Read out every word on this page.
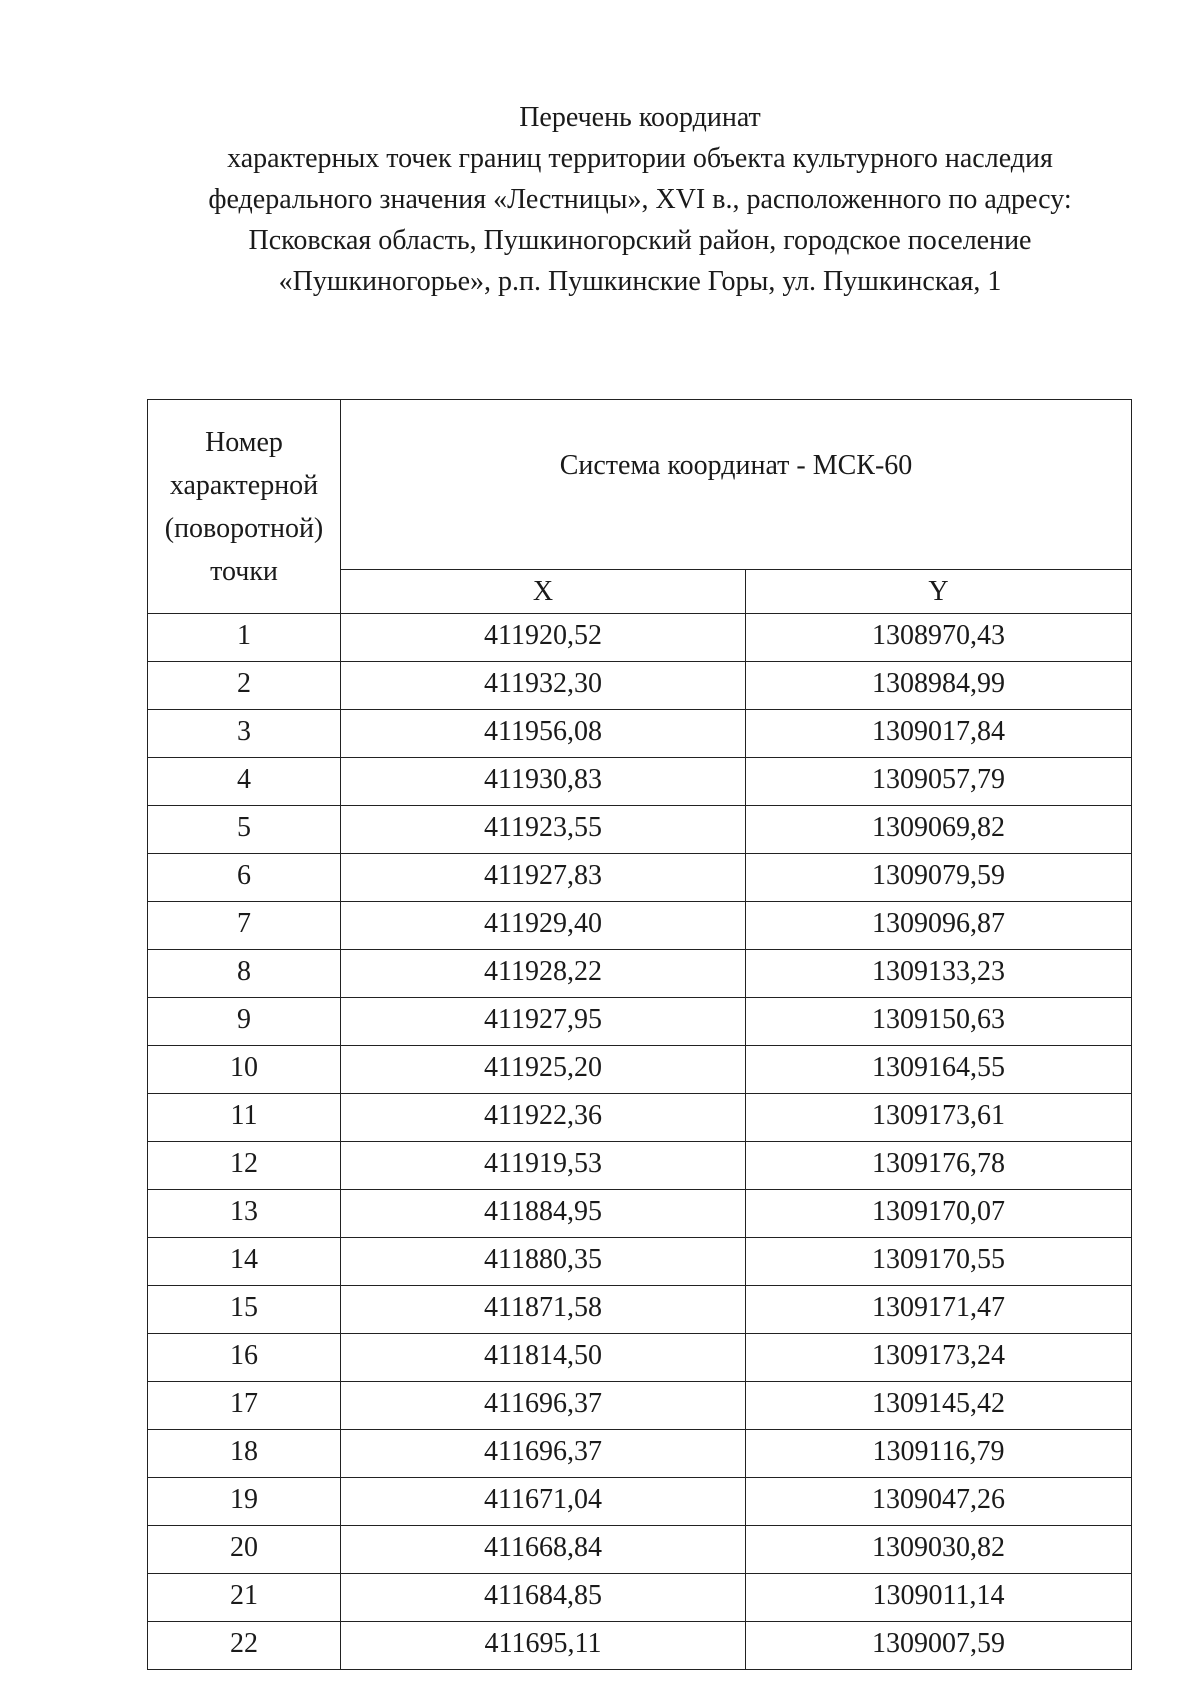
Перечень координат
характерных точек границ территории объекта культурного наследия
федерального значения «Лестницы», XVI в., расположенного по адресу:
Псковская область, Пушкиногорский район, городское поселение
«Пушкиногорье», р.п. Пушкинские Горы, ул. Пушкинская, 1
Номер
характерной
(поворотной)
точки	Система координат - МСК-60	
	X	Y
1	411920,52	1308970,43
2	411932,30	1308984,99
3	411956,08	1309017,84
4	411930,83	1309057,79
5	411923,55	1309069,82
6	411927,83	1309079,59
7	411929,40	1309096,87
8	411928,22	1309133,23
9	411927,95	1309150,63
10	411925,20	1309164,55
11	411922,36	1309173,61
12	411919,53	1309176,78
13	411884,95	1309170,07
14	411880,35	1309170,55
15	411871,58	1309171,47
16	411814,50	1309173,24
17	411696,37	1309145,42
18	411696,37	1309116,79
19	411671,04	1309047,26
20	411668,84	1309030,82
21	411684,85	1309011,14
22	411695,11	1309007,59
